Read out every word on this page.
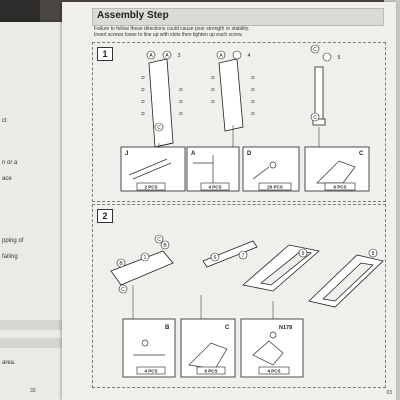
ct
n or a
ace
pping of
failing
area.
33
Assembly Step
Failure to follow these directions could cause poor strength or stability.
Insert screws loose to line up with slots then tighten up each screw.
1	A	A 3	A	4
C
5
C
C
D
D
D
D
D
D
D
D
D
D
D
D
D
D
J	A	D	C
2 PCS	4 PCS	20 PCS	6 PCS
2
B
C
1
B
C
6	7	9	8
B	C	N178
4 PCS	6 PCS	4 PCS
03
